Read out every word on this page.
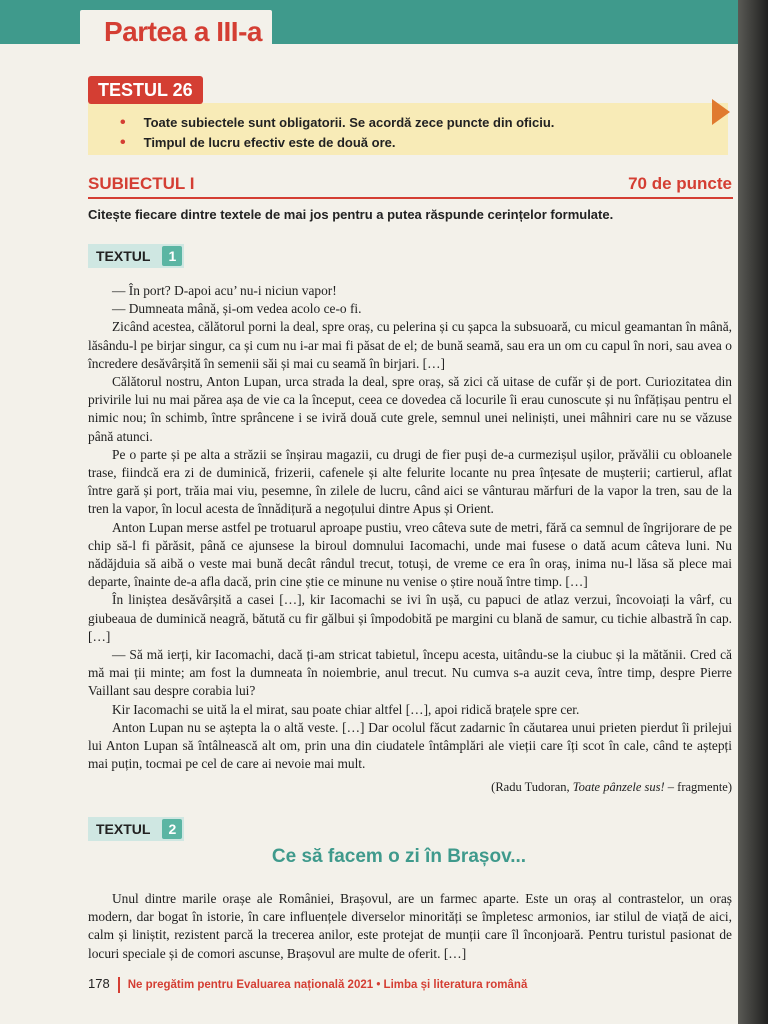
Partea a III-a
TESTUL 26
• Toate subiectele sunt obligatorii. Se acordă zece puncte din oficiu.
• Timpul de lucru efectiv este de două ore.
SUBIECTUL I	70 de puncte
Citește fiecare dintre textele de mai jos pentru a putea răspunde cerințelor formulate.
TEXTUL	1

— În port? D-apoi acu’ nu-i niciun vapor!

— Dumneata mână, și-om vedea acolo ce-o fi.

Zicând acestea, călătorul porni la deal, spre oraș, cu pelerina și cu șapca la subsuoară, cu micul geamantan în mână, lăsându-l pe birjar singur, ca și cum nu i-ar mai fi păsat de el; de bună seamă, sau era un om cu capul în nori, sau avea o încredere desăvârșită în semenii săi și mai cu seamă în birjari. […]

Călătorul nostru, Anton Lupan, urca strada la deal, spre oraș, să zici că uitase de cufăr și de port. Curiozitatea din privirile lui nu mai părea așa de vie ca la început, ceea ce dovedea că locurile îi erau cunoscute și nu înfățișau pentru el nimic nou; în schimb, între sprâncene i se iviră două cute grele, semnul unei neliniști, unei mâhniri care nu se văzuse până atunci.

Pe o parte și pe alta a străzii se înșirau magazii, cu drugi de fier puși de-a curmezișul ușilor, prăvălii cu obloanele trase, fiindcă era zi de duminică, frizerii, cafenele și alte felurite locante nu prea înțesate de mușterii; cartierul, aflat între gară și port, trăia mai viu, pesemne, în zilele de lucru, când aici se vânturau mărfuri de la vapor la tren, sau de la tren la vapor, în locul acesta de înnădițură a negoțului dintre Apus și Orient.

Anton Lupan merse astfel pe trotuarul aproape pustiu, vreo câteva sute de metri, fără ca semnul de îngrijorare de pe chip să-l fi părăsit, până ce ajunsese la biroul domnului Iacomachi, unde mai fusese o dată acum câteva luni. Nu nădăjduia să aibă o veste mai bună decât rândul trecut, totuși, de vreme ce era în oraș, inima nu-l lăsa să plece mai departe, înainte de-a afla dacă, prin cine știe ce minune nu venise o știre nouă între timp. […]

În liniștea desăvârșită a casei […], kir Iacomachi se ivi în ușă, cu papuci de atlaz verzui, încovoiați la vârf, cu giubeaua de duminică neagră, bătută cu fir gălbui și împodobită pe margini cu blană de samur, cu tichie albastră în cap. […]

— Să mă ierți, kir Iacomachi, dacă ți-am stricat tabietul, începu acesta, uitându-se la ciubuc și la mătănii. Cred că mă mai ții minte; am fost la dumneata în noiembrie, anul trecut. Nu cumva s-a auzit ceva, între timp, despre Pierre Vaillant sau despre corabia lui?

Kir Iacomachi se uită la el mirat, sau poate chiar altfel […], apoi ridică brațele spre cer.

Anton Lupan nu se aștepta la o altă veste. […] Dar ocolul făcut zadarnic în căutarea unui prieten pierdut îi prilejui lui Anton Lupan să întâlnească alt om, prin una din ciudatele întâmplări ale vieții care îți scot în cale, când te aștepți mai puțin, tocmai pe cel de care ai nevoie mai mult.

(Radu Tudoran, Toate pânzele sus! – fragmente)
TEXTUL	2
Ce să facem o zi în Brașov...

Unul dintre marile orașe ale României, Brașovul, are un farmec aparte. Este un oraș al contrastelor, un oraș modern, dar bogat în istorie, în care influențele diverselor minorități se împletesc armonios, iar stilul de viață de aici, calm și liniștit, rezistent parcă la trecerea anilor, este protejat de munții care îl înconjoară. Pentru turistul pasionat de locuri speciale și de comori ascunse, Brașovul are multe de oferit. […]

178 Ne pregătim pentru Evaluarea națională 2021 • Limba și literatura română
